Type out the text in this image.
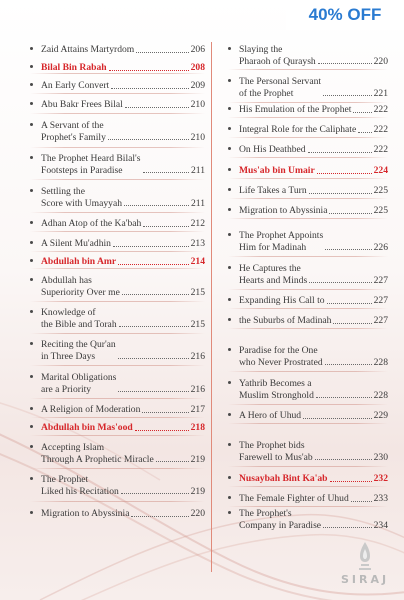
40% OFF
Zaid Attains Martyrdom	206
Bilal Bin Rabah	208
An Early Convert	209
Abu Bakr Frees Bilal	210
A Servant of the
Prophet's Family	210
The Prophet Heard Bilal's
Footsteps in Paradise	211
Settling the
Score with Umayyah	211
Adhan Atop of the Ka'bah	212
A Silent Mu'adhin	213
Abdullah bin Amr	214
Abdullah has
Superiority Over me	215
Knowledge of
the Bible and Torah	215
Reciting the Qur'an
in Three Days	216
Marital Obligations
are a Priority	216
A Religion of Moderation	217
Abdullah bin Mas'ood	218
Accepting Islam
Through A Prophetic Miracle	219
The Prophet
Liked his Recitation	219
Migration to Abyssinia	220
Slaying the
Pharaoh of Quraysh	220
The Personal Servant
of the Prophet	221
His Emulation of the Prophet 222
Integral Role for the Caliphate 222
On His Deathbed	222
Mus'ab bin Umair	224
Life Takes a Turn	225
Migration to Abyssinia	225
The Prophet Appoints
Him for Madinah	226
He Captures the
Hearts and Minds	227
Expanding His Call to	227
the Suburbs of Madinah	227
Paradise for the One
who Never Prostrated	228
Yathrib Becomes a
Muslim Stronghold	228
A Hero of Uhud	229
The Prophet bids
Farewell to Mus'ab	230
Nusaybah Bint Ka'ab	232
The Female Fighter of Uhud	233
The Prophet's
Company in Paradise	234
SIRAJ
